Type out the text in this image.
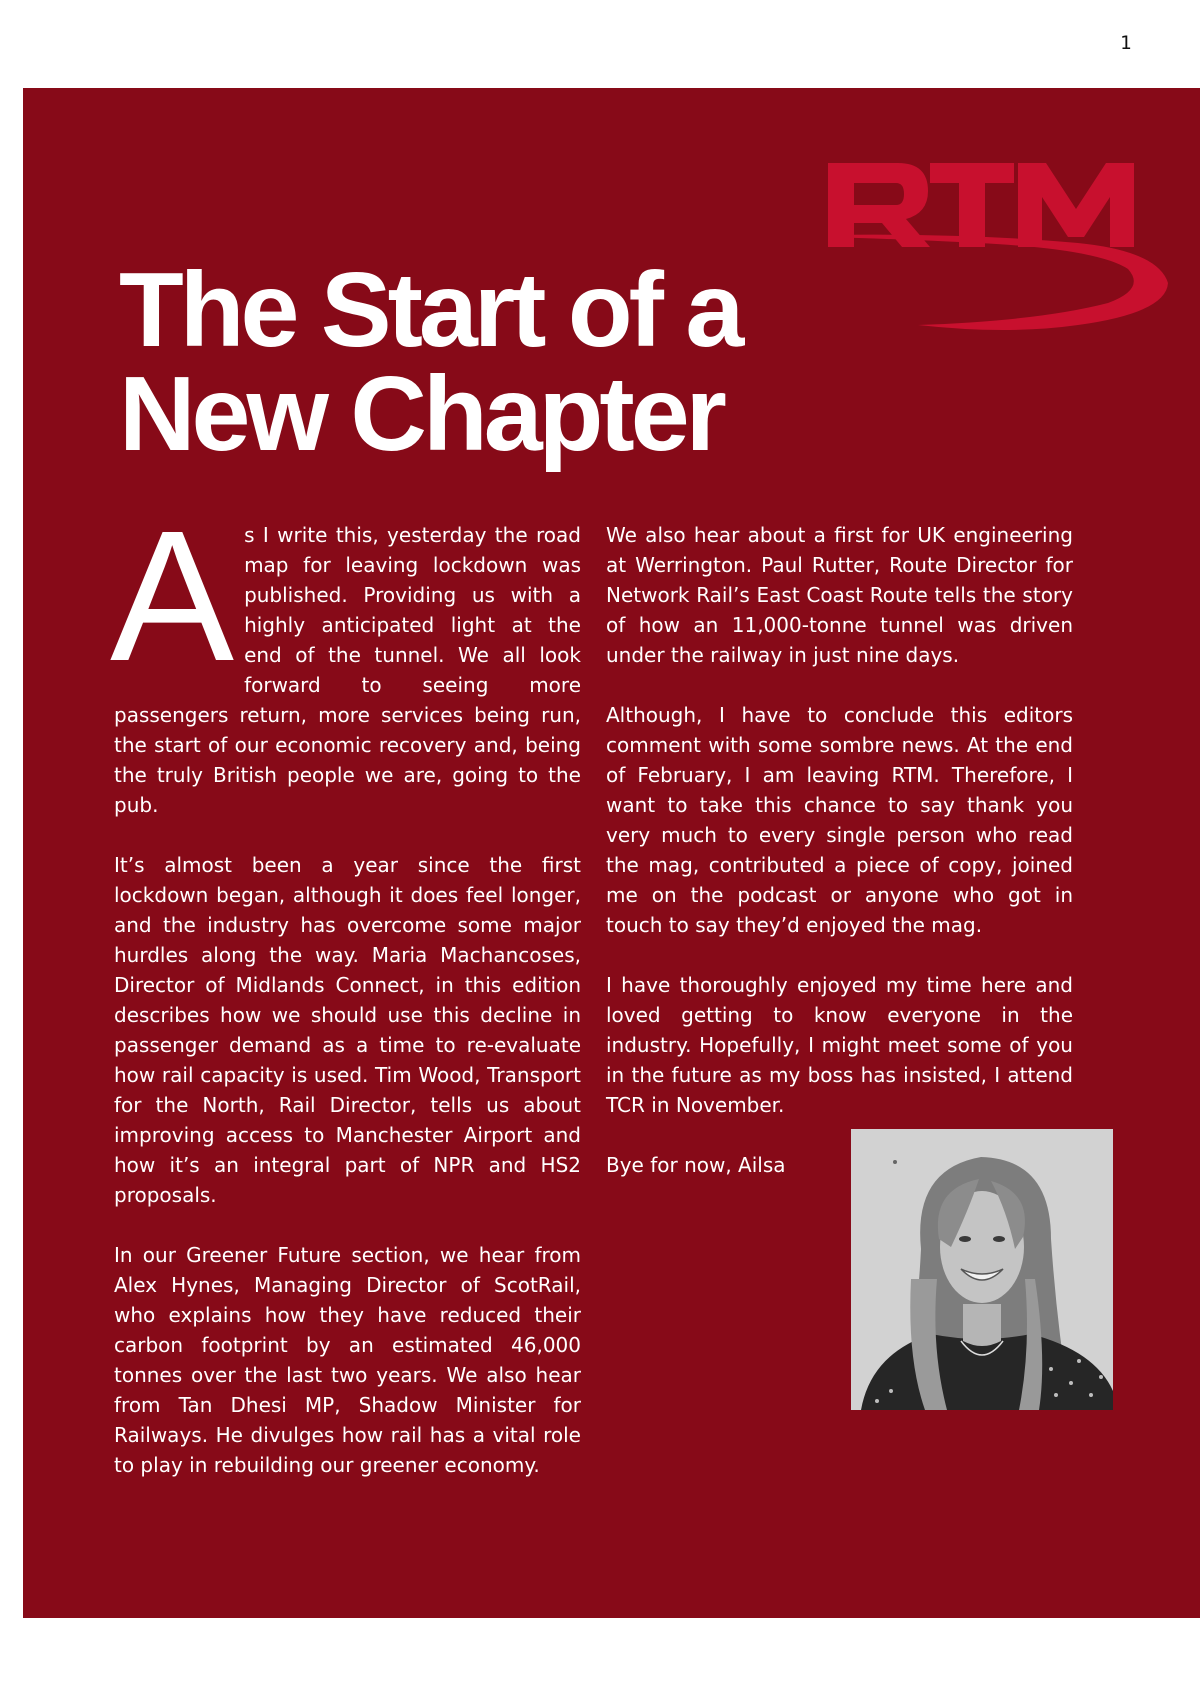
1
The Start of a
New Chapter

As I write this, yesterday the road map for leaving lockdown was published. Providing us with a highly anticipated light at the end of the tunnel. We all look forward to seeing more passengers return, more services being run, the start of our economic recovery and, being the truly British people we are, going to the pub.

It’s almost been a year since the first lockdown began, although it does feel longer, and the industry has overcome some major hurdles along the way. Maria Machancoses, Director of Midlands Connect, in this edition describes how we should use this decline in passenger demand as a time to re-evaluate how rail capacity is used. Tim Wood, Transport for the North, Rail Director, tells us about improving access to Manchester Airport and how it’s an integral part of NPR and HS2 proposals.

In our Greener Future section, we hear from Alex Hynes, Managing Director of ScotRail, who explains how they have reduced their carbon footprint by an estimated 46,000 tonnes over the last two years. We also hear from Tan Dhesi MP, Shadow Minister for Railways. He divulges how rail has a vital role to play in rebuilding our greener economy.

We also hear about a first for UK engineering at Werrington. Paul Rutter, Route Director for Network Rail’s East Coast Route tells the story of how an 11,000-tonne tunnel was driven under the railway in just nine days.

Although, I have to conclude this editors comment with some sombre news. At the end of February, I am leaving RTM. Therefore, I want to take this chance to say thank you very much to every single person who read the mag, contributed a piece of copy, joined me on the podcast or anyone who got in touch to say they’d enjoyed the mag.

I have thoroughly enjoyed my time here and loved getting to know everyone in the industry. Hopefully, I might meet some of you in the future as my boss has insisted, I attend TCR in November.

Bye for now, Ailsa
